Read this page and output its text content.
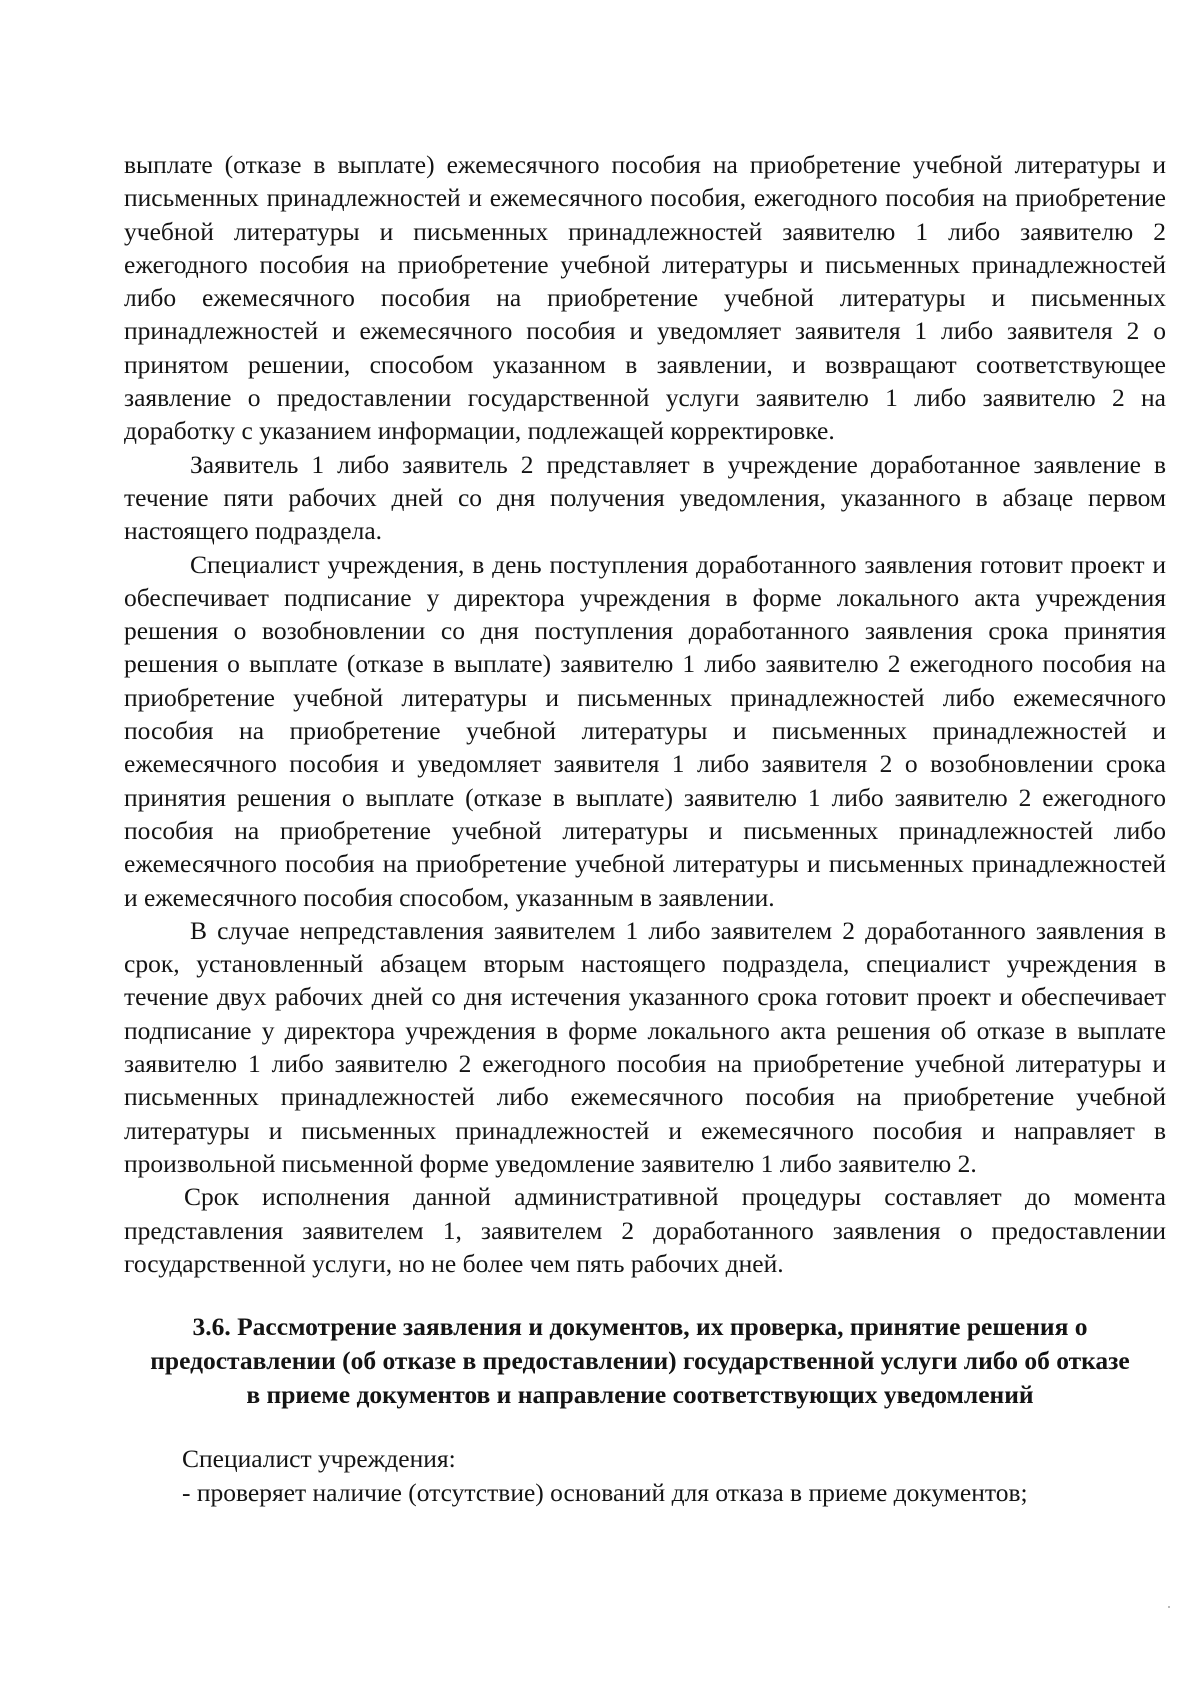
выплате (отказе в выплате) ежемесячного пособия на приобретение учебной литературы и письменных принадлежностей и ежемесячного пособия, ежегодного пособия на приобретение учебной литературы и письменных принадлежностей заявителю 1 либо заявителю 2 ежегодного пособия на приобретение учебной литературы и письменных принадлежностей либо ежемесячного пособия на приобретение учебной литературы и письменных принадлежностей и ежемесячного пособия и уведомляет заявителя 1 либо заявителя 2 о принятом решении, способом указанном в заявлении, и возвращают соответствующее заявление о предоставлении государственной услуги заявителю 1 либо заявителю 2 на доработку с указанием информации, подлежащей корректировке.

Заявитель 1 либо заявитель 2 представляет в учреждение доработанное заявление в течение пяти рабочих дней со дня получения уведомления, указанного в абзаце первом настоящего подраздела.

Специалист учреждения, в день поступления доработанного заявления готовит проект и обеспечивает подписание у директора учреждения в форме локального акта учреждения решения о возобновлении со дня поступления доработанного заявления срока принятия решения о выплате (отказе в выплате) заявителю 1 либо заявителю 2 ежегодного пособия на приобретение учебной литературы и письменных принадлежностей либо ежемесячного пособия на приобретение учебной литературы и письменных принадлежностей и ежемесячного пособия и уведомляет заявителя 1 либо заявителя 2 о возобновлении срока принятия решения о выплате (отказе в выплате) заявителю 1 либо заявителю 2 ежегодного пособия на приобретение учебной литературы и письменных принадлежностей либо ежемесячного пособия на приобретение учебной литературы и письменных принадлежностей и ежемесячного пособия способом, указанным в заявлении.

В случае непредставления заявителем 1 либо заявителем 2 доработанного заявления в срок, установленный абзацем вторым настоящего подраздела, специалист учреждения в течение двух рабочих дней со дня истечения указанного срока готовит проект и обеспечивает подписание у директора учреждения в форме локального акта решения об отказе в выплате заявителю 1 либо заявителю 2 ежегодного пособия на приобретение учебной литературы и письменных принадлежностей либо ежемесячного пособия на приобретение учебной литературы и письменных принадлежностей и ежемесячного пособия и направляет в произвольной письменной форме уведомление заявителю 1 либо заявителю 2.

Срок исполнения данной административной процедуры составляет до момента представления заявителем 1, заявителем 2 доработанного заявления о предоставлении государственной услуги, но не более чем пять рабочих дней.

3.6. Рассмотрение заявления и документов, их проверка, принятие решения о предоставлении (об отказе в предоставлении) государственной услуги либо об отказе в приеме документов и направление соответствующих уведомлений

Специалист учреждения:

- проверяет наличие (отсутствие) оснований для отказа в приеме документов;
